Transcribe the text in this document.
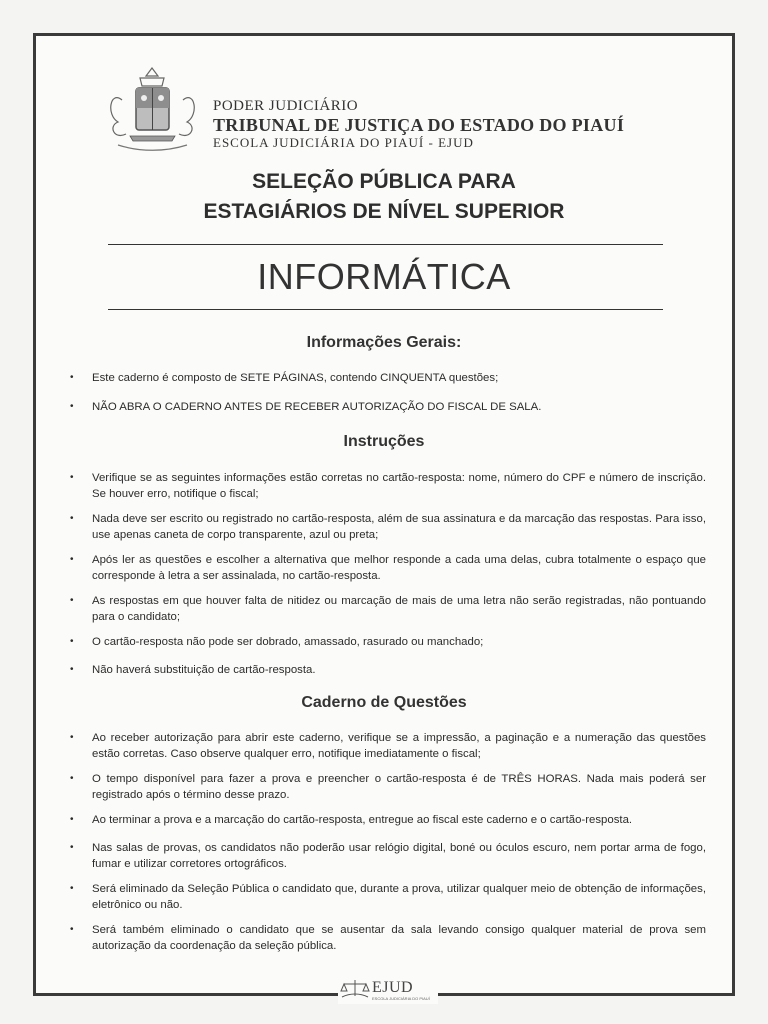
PODER JUDICIÁRIO
TRIBUNAL DE JUSTIÇA DO ESTADO DO PIAUÍ
ESCOLA JUDICIÁRIA DO PIAUÍ - EJUD
SELEÇÃO PÚBLICA PARA
ESTAGIÁRIOS DE NÍVEL SUPERIOR
INFORMÁTICA
Informações Gerais:
• Este caderno é composto de SETE PÁGINAS, contendo CINQUENTA questões;
• NÃO ABRA O CADERNO ANTES DE RECEBER AUTORIZAÇÃO DO FISCAL DE SALA.
Instruções
• Verifique se as seguintes informações estão corretas no cartão-resposta: nome, número do CPF e número de inscrição. Se houver erro, notifique o fiscal;
• Nada deve ser escrito ou registrado no cartão-resposta, além de sua assinatura e da marcação das respostas. Para isso, use apenas caneta de corpo transparente, azul ou preta;
• Após ler as questões e escolher a alternativa que melhor responde a cada uma delas, cubra totalmente o espaço que corresponde à letra a ser assinalada, no cartão-resposta.
• As respostas em que houver falta de nitidez ou marcação de mais de uma letra não serão registradas, não pontuando para o candidato;
• O cartão-resposta não pode ser dobrado, amassado, rasurado ou manchado;
• Não haverá substituição de cartão-resposta.
Caderno de Questões
• Ao receber autorização para abrir este caderno, verifique se a impressão, a paginação e a numeração das questões estão corretas. Caso observe qualquer erro, notifique imediatamente o fiscal;
• O tempo disponível para fazer a prova e preencher o cartão-resposta é de TRÊS HORAS. Nada mais poderá ser registrado após o término desse prazo.
• Ao terminar a prova e a marcação do cartão-resposta, entregue ao fiscal este caderno e o cartão-resposta.
• Nas salas de provas, os candidatos não poderão usar relógio digital, boné ou óculos escuro, nem portar arma de fogo, fumar e utilizar corretores ortográficos.
• Será eliminado da Seleção Pública o candidato que, durante a prova, utilizar qualquer meio de obtenção de informações, eletrônico ou não.
• Será também eliminado o candidato que se ausentar da sala levando consigo qualquer material de prova sem autorização da coordenação da seleção pública.
EJUD
ESCOLA JUDICIÁRIA DO PIAUÍ
